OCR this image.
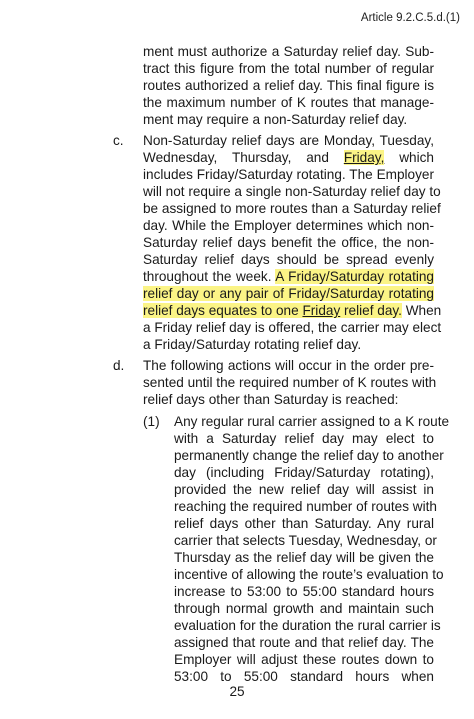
Article 9.2.C.5.d.(1)
ment must authorize a Saturday relief day. Sub-
tract this figure from the total number of regular
routes authorized a relief day. This final figure is
the maximum number of K routes that manage-
ment may require a non-Saturday relief day.
c. Non-Saturday relief days are Monday, Tuesday,
Wednesday, Thursday, and Friday, which
includes Friday/Saturday rotating. The Employer
will not require a single non-Saturday relief day to
be assigned to more routes than a Saturday relief
day. While the Employer determines which non-
Saturday relief days benefit the office, the non-
Saturday relief days should be spread evenly
throughout the week. A Friday/Saturday rotating
relief day or any pair of Friday/Saturday rotating
relief days equates to one Friday relief day. When
a Friday relief day is offered, the carrier may elect
a Friday/Saturday rotating relief day.
d. The following actions will occur in the order pre-
sented until the required number of K routes with
relief days other than Saturday is reached:
(1) Any regular rural carrier assigned to a K route
with a Saturday relief day may elect to
permanently change the relief day to another
day (including Friday/Saturday rotating),
provided the new relief day will assist in
reaching the required number of routes with
relief days other than Saturday. Any rural
carrier that selects Tuesday, Wednesday, or
Thursday as the relief day will be given the
incentive of allowing the route’s evaluation to
increase to 53:00 to 55:00 standard hours
through normal growth and maintain such
evaluation for the duration the rural carrier is
assigned that route and that relief day. The
Employer will adjust these routes down to
53:00 to 55:00 standard hours when
25
